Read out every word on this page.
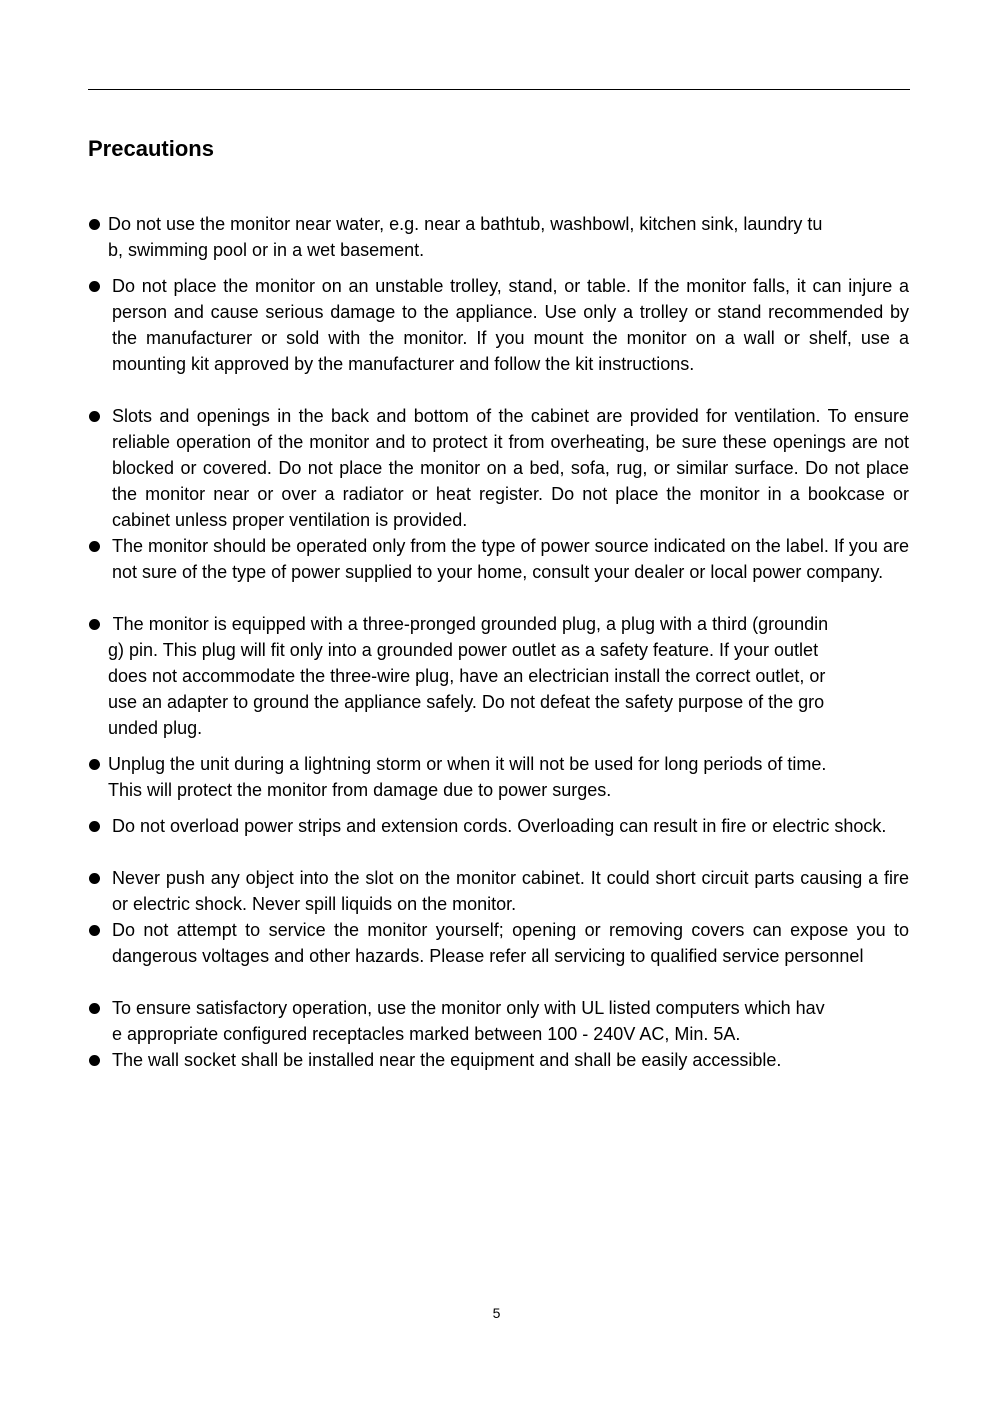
Precautions
Do not use the monitor near water, e.g. near a bathtub, washbowl, kitchen sink, laundry tu
b, swimming pool or in a wet basement.

Do not place the monitor on an unstable trolley, stand, or table. If the monitor falls, it can injure a person and cause serious damage to the appliance. Use only a trolley or stand recommended by the manufacturer or sold with the monitor. If you mount the monitor on a wall or shelf, use a mounting kit approved by the manufacturer and follow the kit instructions.

Slots and openings in the back and bottom of the cabinet are provided for ventilation. To ensure reliable operation of the monitor and to protect it from overheating, be sure these openings are not blocked or covered. Do not place the monitor on a bed, sofa, rug, or similar surface. Do not place the monitor near or over a radiator or heat register. Do not place the monitor in a bookcase or cabinet unless proper ventilation is provided.

The monitor should be operated only from the type of power source indicated on the label. If you are not sure of the type of power supplied to your home, consult your dealer or local power company.

The monitor is equipped with a three-pronged grounded plug, a plug with a third (groundin
g) pin. This plug will fit only into a grounded power outlet as a safety feature. If your outlet
does not accommodate the three-wire plug, have an electrician install the correct outlet, or
use an adapter to ground the appliance safely. Do not defeat the safety purpose of the gro
unded plug.
Unplug the unit during a lightning storm or when it will not be used for long periods of time.
This will protect the monitor from damage due to power surges.

Do not overload power strips and extension cords. Overloading can result in fire or electric shock.

Never push any object into the slot on the monitor cabinet. It could short circuit parts causing a fire or electric shock. Never spill liquids on the monitor.

Do not attempt to service the monitor yourself; opening or removing covers can expose you to dangerous voltages and other hazards. Please refer all servicing to qualified service personnel

To ensure satisfactory operation, use the monitor only with UL listed computers which hav
e appropriate configured receptacles marked between 100 - 240V AC, Min. 5A.

The wall socket shall be installed near the equipment and shall be easily accessible.

5
